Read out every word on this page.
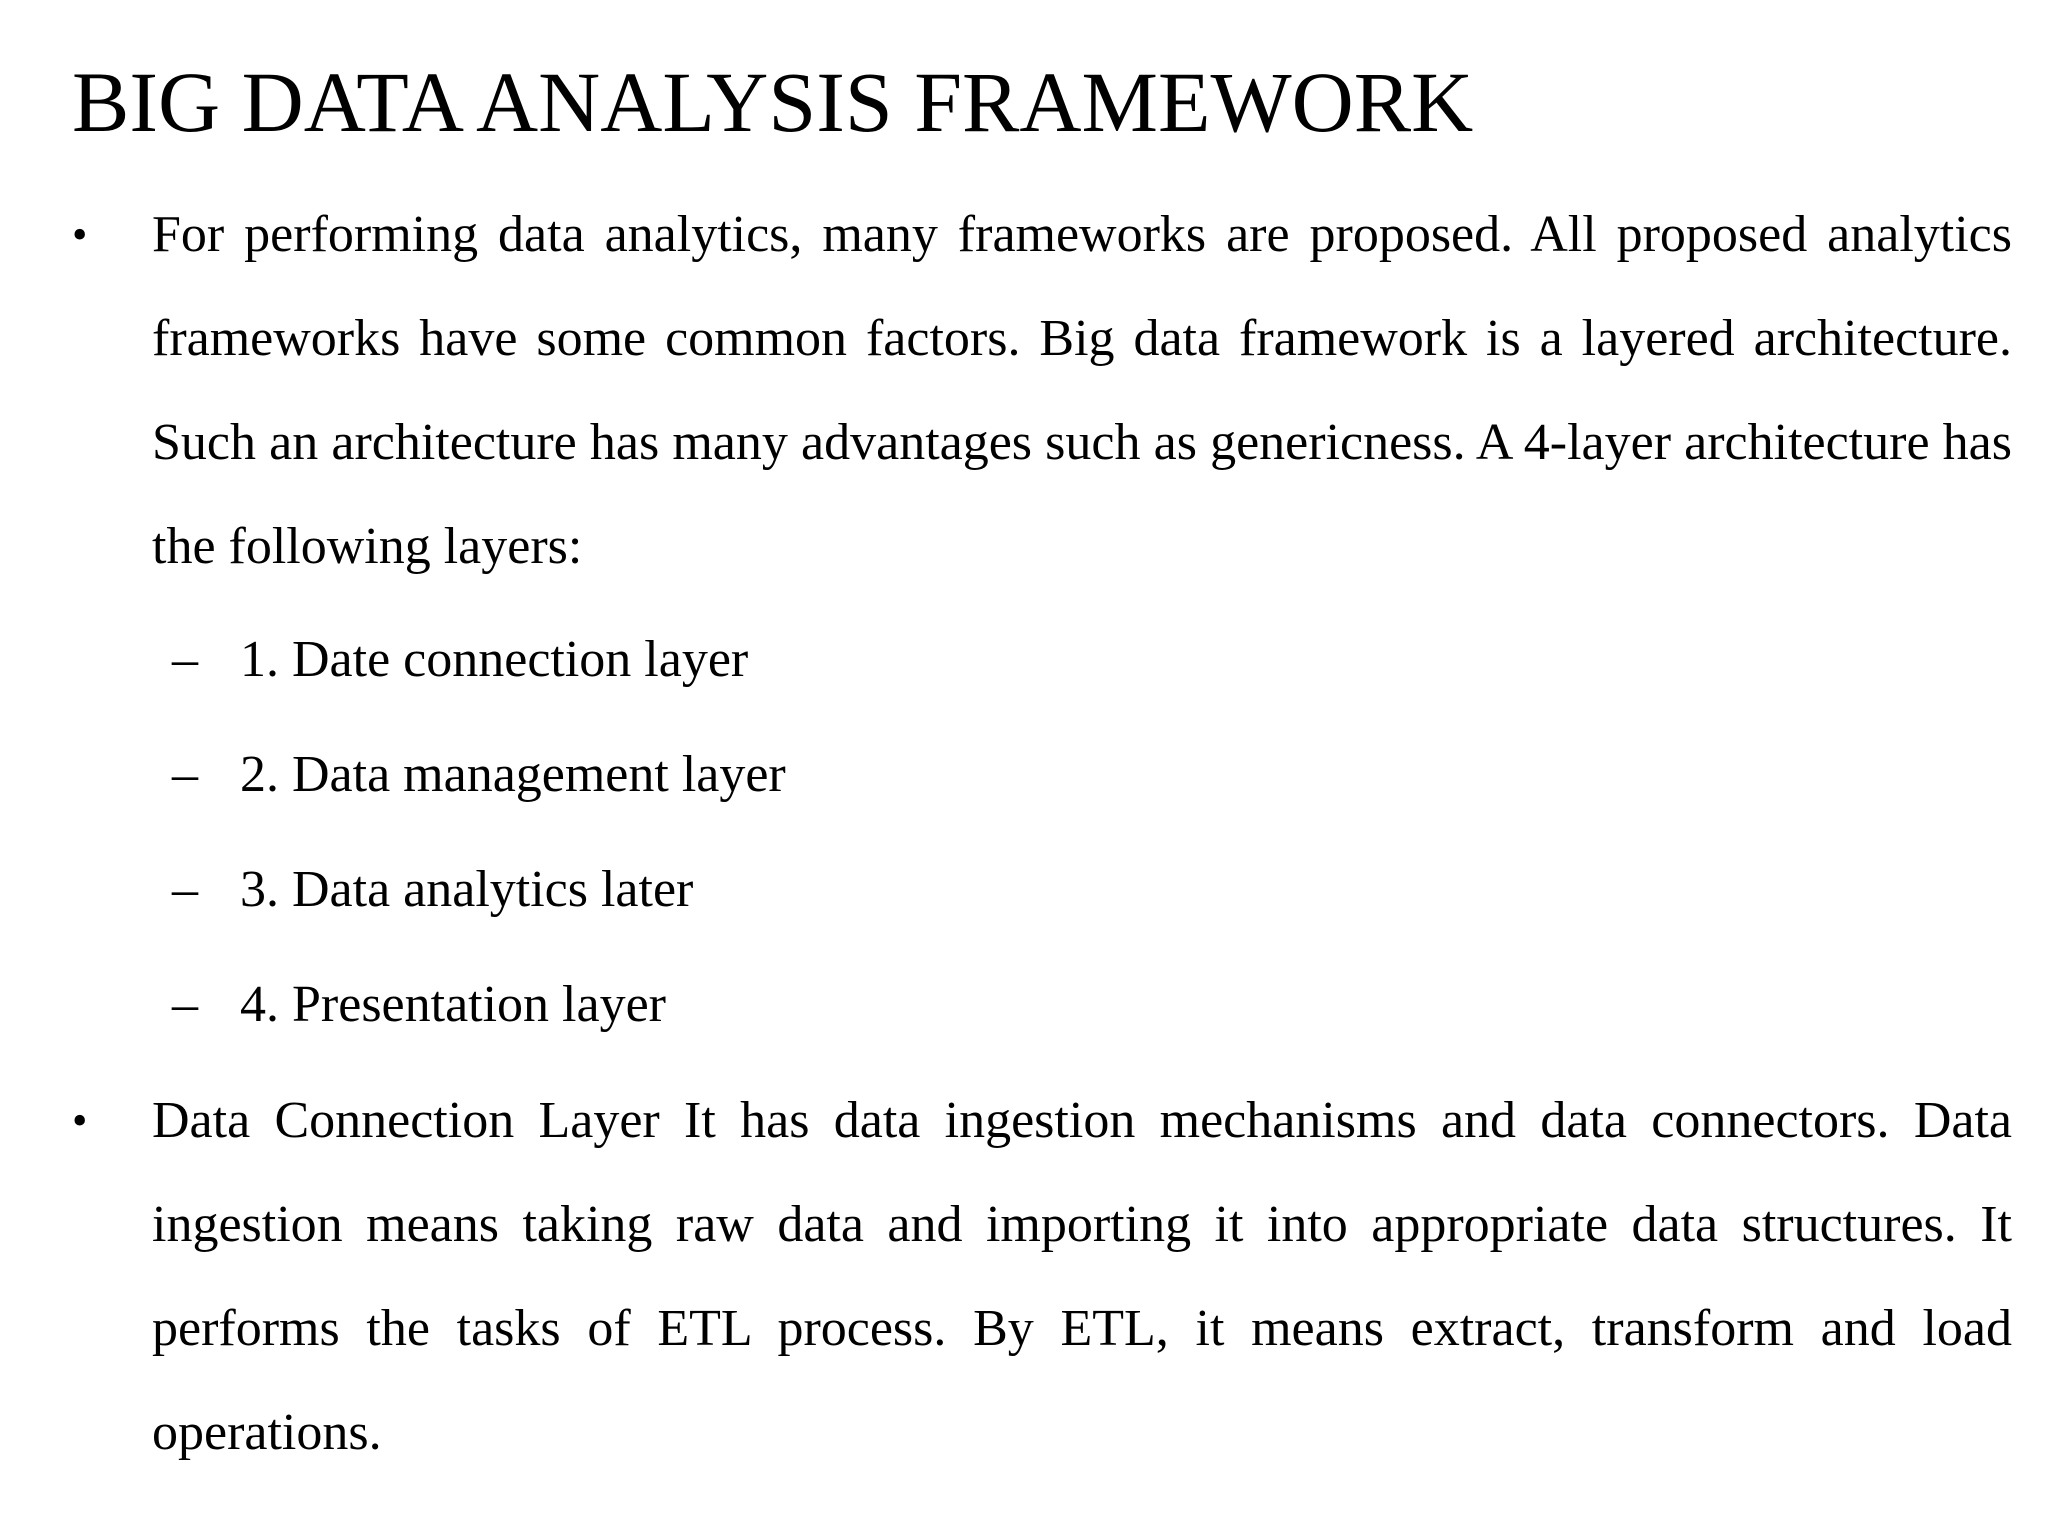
BIG DATA ANALYSIS FRAMEWORK
•	For performing data analytics, many frameworks are proposed. All proposed analytics frameworks have some common factors. Big data framework is a layered architecture. Such an architecture has many advantages such as genericness. A 4-layer architecture has the following layers:

– 1. Date connection layer
– 2. Data management layer
– 3. Data analytics later
– 4. Presentation layer
•	Data Connection Layer It has data ingestion mechanisms and data connectors. Data ingestion means taking raw data and importing it into appropriate data structures. It performs the tasks of ETL process. By ETL, it means extract, transform and load operations.
